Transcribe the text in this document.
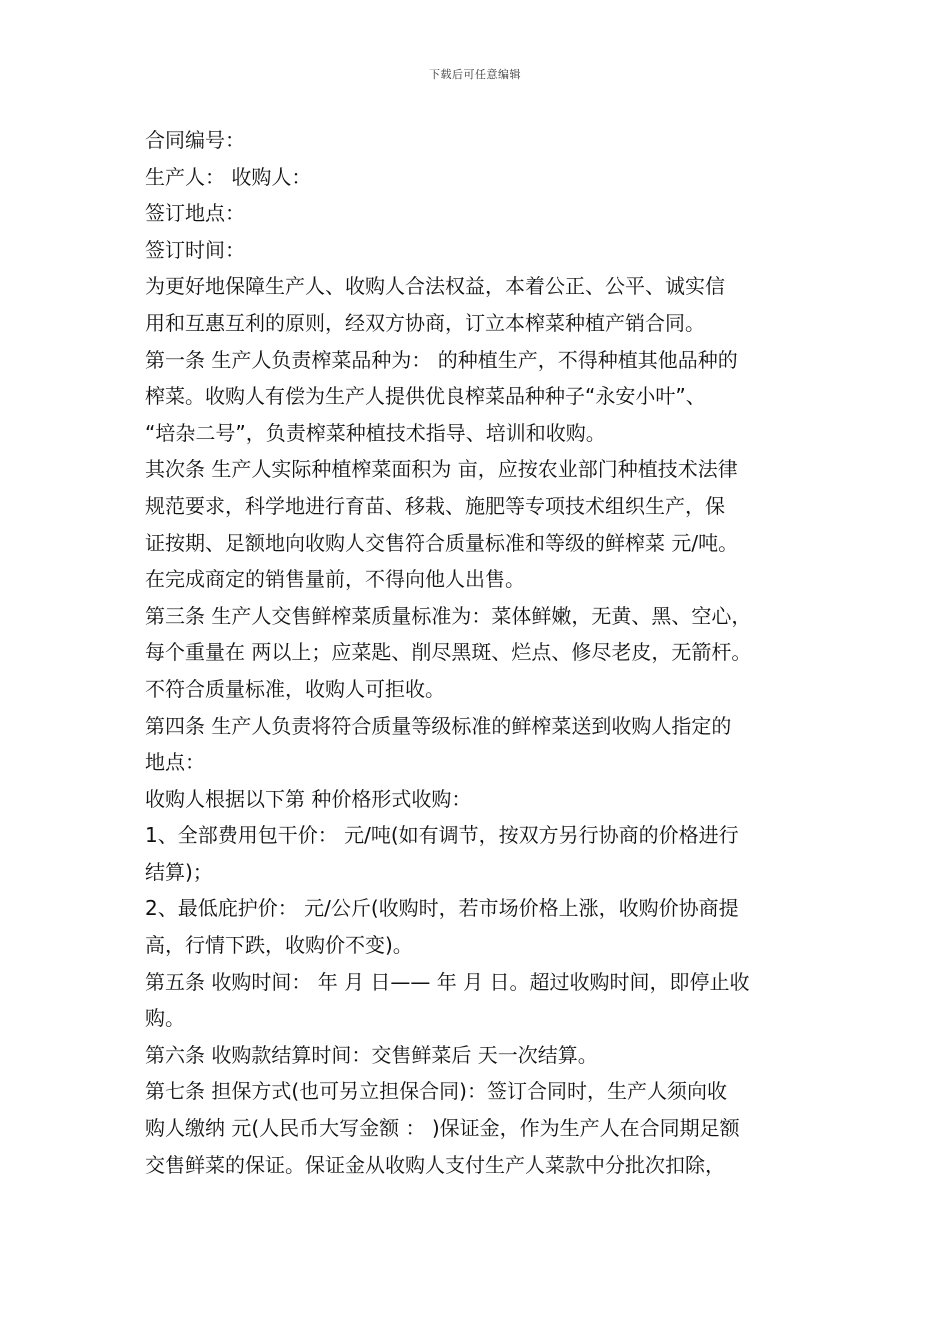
下载后可任意编辑

合同编号：

生产人： 收购人：

签订地点：

签订时间：

为更好地保障生产人、收购人合法权益，本着公正、公平、诚实信

用和互惠互利的原则，经双方协商，订立本榨菜种植产销合同。

第一条 生产人负责榨菜品种为： 的种植生产，不得种植其他品种的

榨菜。收购人有偿为生产人提供优良榨菜品种种子“永安小叶”、

“培杂二号”，负责榨菜种植技术指导、培训和收购。

其次条 生产人实际种植榨菜面积为 亩，应按农业部门种植技术法律

规范要求，科学地进行育苗、移栽、施肥等专项技术组织生产，保

证按期、足额地向收购人交售符合质量标准和等级的鲜榨菜 元/吨。

在完成商定的销售量前，不得向他人出售。

第三条 生产人交售鲜榨菜质量标准为：菜体鲜嫩，无黄、黑、空心，

每个重量在 两以上；应菜匙、削尽黑斑、烂点、修尽老皮，无箭杆。

不符合质量标准，收购人可拒收。

第四条 生产人负责将符合质量等级标准的鲜榨菜送到收购人指定的

地点：

收购人根据以下第 种价格形式收购：

1、全部费用包干价： 元/吨(如有调节，按双方另行协商的价格进行

结算)；

2、最低庇护价： 元/公斤(收购时，若市场价格上涨，收购价协商提

高，行情下跌，收购价不变)。

第五条 收购时间： 年 月 日—— 年 月 日。超过收购时间，即停止收

购。

第六条 收购款结算时间：交售鲜菜后 天一次结算。

第七条 担保方式(也可另立担保合同)：签订合同时，生产人须向收

购人缴纳 元(人民币大写金额 ： )保证金，作为生产人在合同期足额

交售鲜菜的保证。保证金从收购人支付生产人菜款中分批次扣除，
